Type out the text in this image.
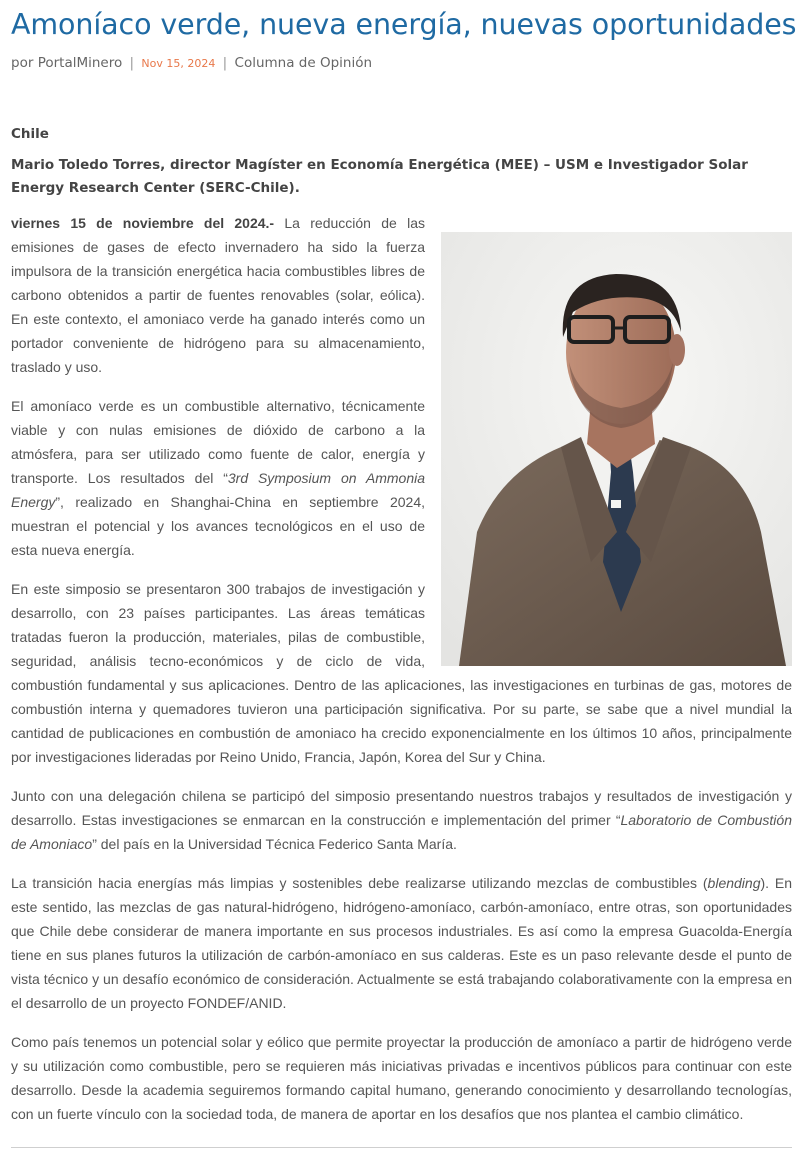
Amoníaco verde, nueva energía, nuevas oportunidades
por PortalMinero | Nov 15, 2024 | Columna de Opinión
Chile
Mario Toledo Torres, director Magíster en Economía Energética (MEE) – USM e Investigador Solar Energy Research Center (SERC-Chile).

viernes 15 de noviembre del 2024.- La reducción de las emisiones de gases de efecto invernadero ha sido la fuerza impulsora de la transición energética hacia combustibles libres de carbono obtenidos a partir de fuentes renovables (solar, eólica). En este contexto, el amoniaco verde ha ganado interés como un portador conveniente de hidrógeno para su almacenamiento, traslado y uso.

El amoníaco verde es un combustible alternativo, técnicamente viable y con nulas emisiones de dióxido de carbono a la atmósfera, para ser utilizado como fuente de calor, energía y transporte. Los resultados del “3rd Symposium on Ammonia Energy”, realizado en Shanghai-China en septiembre 2024, muestran el potencial y los avances tecnológicos en el uso de esta nueva energía.

En este simposio se presentaron 300 trabajos de investigación y desarrollo, con 23 países participantes. Las áreas temáticas tratadas fueron la producción, materiales, pilas de combustible, seguridad, análisis tecno-económicos y de ciclo de vida, combustión fundamental y sus aplicaciones. Dentro de las aplicaciones, las investigaciones en turbinas de gas, motores de combustión interna y quemadores tuvieron una participación significativa. Por su parte, se sabe que a nivel mundial la cantidad de publicaciones en combustión de amoniaco ha crecido exponencialmente en los últimos 10 años, principalmente por investigaciones lideradas por Reino Unido, Francia, Japón, Korea del Sur y China.

Junto con una delegación chilena se participó del simposio presentando nuestros trabajos y resultados de investigación y desarrollo. Estas investigaciones se enmarcan en la construcción e implementación del primer “Laboratorio de Combustión de Amoniaco” del país en la Universidad Técnica Federico Santa María.

La transición hacia energías más limpias y sostenibles debe realizarse utilizando mezclas de combustibles (blending). En este sentido, las mezclas de gas natural-hidrógeno, hidrógeno-amoníaco, carbón-amoníaco, entre otras, son oportunidades que Chile debe considerar de manera importante en sus procesos industriales. Es así como la empresa Guacolda-Energía tiene en sus planes futuros la utilización de carbón-amoníaco en sus calderas. Este es un paso relevante desde el punto de vista técnico y un desafío económico de consideración. Actualmente se está trabajando colaborativamente con la empresa en el desarrollo de un proyecto FONDEF/ANID.

Como país tenemos un potencial solar y eólico que permite proyectar la producción de amoníaco a partir de hidrógeno verde y su utilización como combustible, pero se requieren más iniciativas privadas e incentivos públicos para continuar con este desarrollo. Desde la academia seguiremos formando capital humano, generando conocimiento y desarrollando tecnologías, con un fuerte vínculo con la sociedad toda, de manera de aportar en los desafíos que nos plantea el cambio climático.
